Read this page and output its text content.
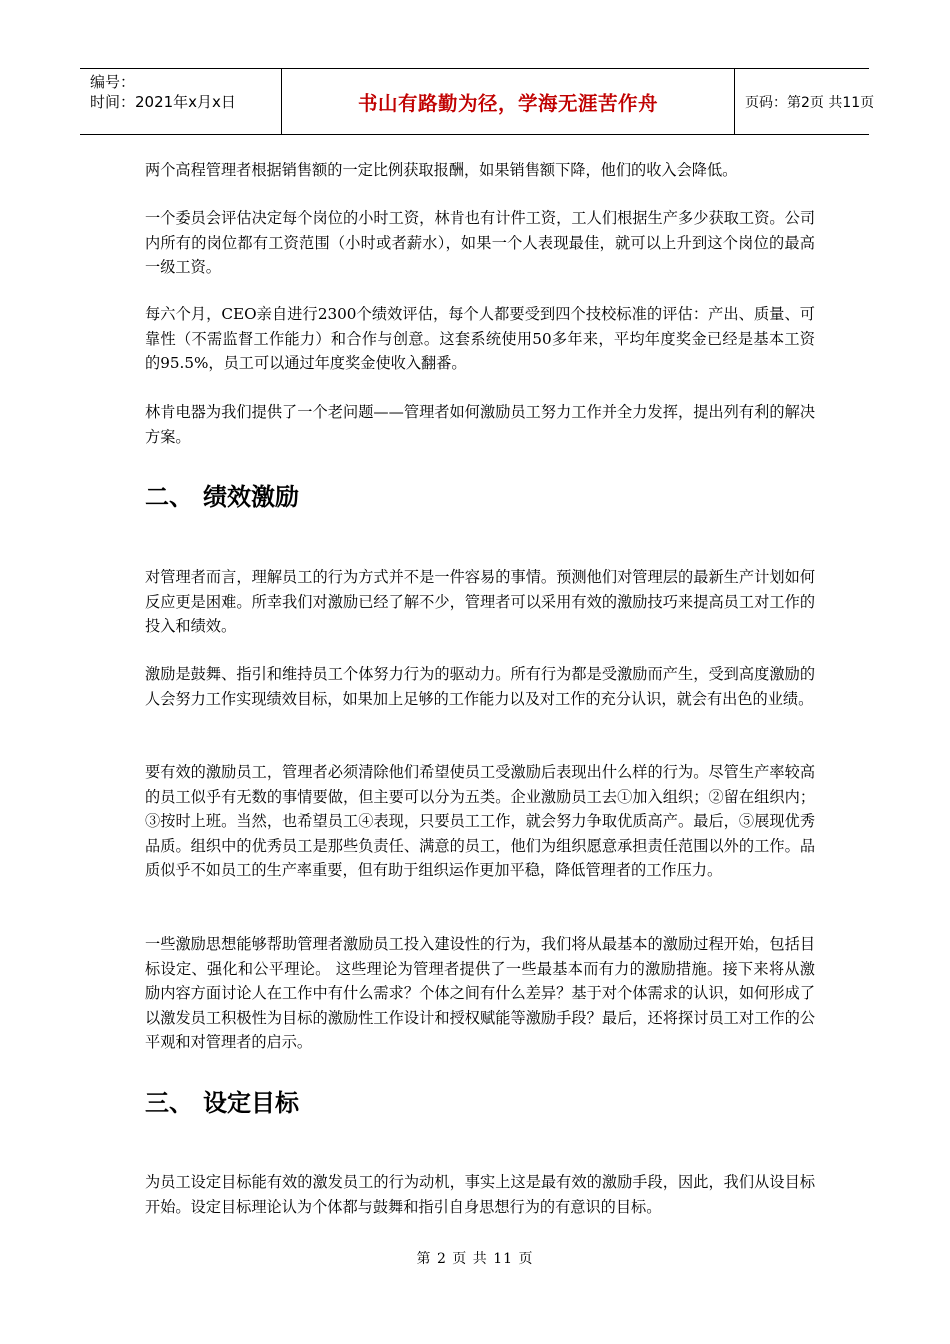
编号：
时间：2021年x月x日	书山有路勤为径，学海无涯苦作舟	页码：第2页 共11页

两个高程管理者根据销售额的一定比例获取报酬，如果销售额下降，他们的收入会降低。

一个委员会评估决定每个岗位的小时工资，林肯也有计件工资，工人们根据生产多少获取工资。公司内所有的岗位都有工资范围（小时或者薪水），如果一个人表现最佳，就可以上升到这个岗位的最高一级工资。

每六个月，CEO亲自进行2300个绩效评估，每个人都要受到四个技校标准的评估：产出、质量、可靠性（不需监督工作能力）和合作与创意。这套系统使用50多年来，平均年度奖金已经是基本工资的95.5%，员工可以通过年度奖金使收入翻番。

林肯电器为我们提供了一个老问题——管理者如何激励员工努力工作并全力发挥，提出列有利的解决方案。

二、 绩效激励

对管理者而言，理解员工的行为方式并不是一件容易的事情。预测他们对管理层的最新生产计划如何反应更是困难。所幸我们对激励已经了解不少，管理者可以采用有效的激励技巧来提高员工对工作的投入和绩效。

激励是鼓舞、指引和维持员工个体努力行为的驱动力。所有行为都是受激励而产生，受到高度激励的人会努力工作实现绩效目标，如果加上足够的工作能力以及对工作的充分认识，就会有出色的业绩。

要有效的激励员工，管理者必须清除他们希望使员工受激励后表现出什么样的行为。尽管生产率较高的员工似乎有无数的事情要做，但主要可以分为五类。企业激励员工去①加入组织；②留在组织内；③按时上班。当然，也希望员工④表现，只要员工工作，就会努力争取优质高产。最后，⑤展现优秀品质。组织中的优秀员工是那些负责任、满意的员工，他们为组织愿意承担责任范围以外的工作。品质似乎不如员工的生产率重要，但有助于组织运作更加平稳，降低管理者的工作压力。

一些激励思想能够帮助管理者激励员工投入建设性的行为，我们将从最基本的激励过程开始，包括目标设定、强化和公平理论。 这些理论为管理者提供了一些最基本而有力的激励措施。接下来将从激励内容方面讨论人在工作中有什么需求？个体之间有什么差异？基于对个体需求的认识，如何形成了以激发员工积极性为目标的激励性工作设计和授权赋能等激励手段？最后，还将探讨员工对工作的公平观和对管理者的启示。

三、 设定目标

为员工设定目标能有效的激发员工的行为动机，事实上这是最有效的激励手段，因此，我们从设目标开始。设定目标理论认为个体都与鼓舞和指引自身思想行为的有意识的目标。

第 2 页 共 11 页
